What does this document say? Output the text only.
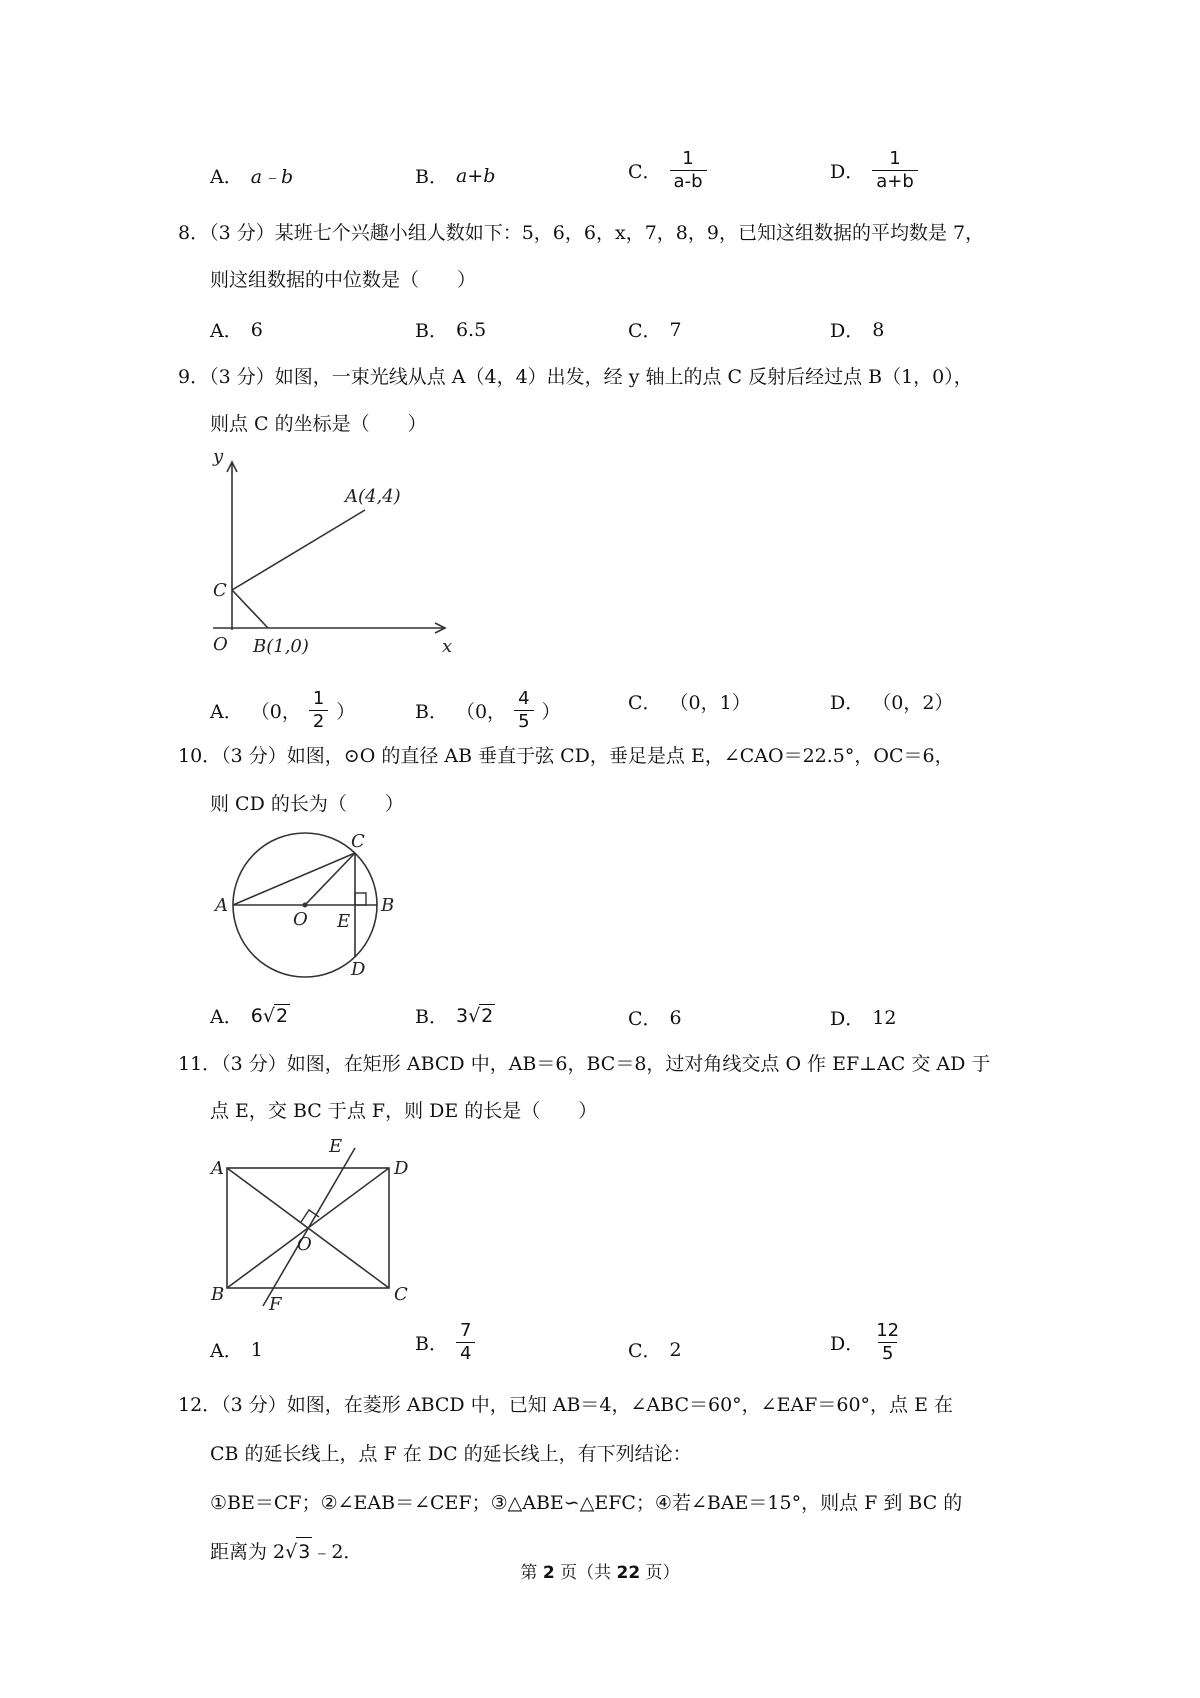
A． a﹣b	B． a+b	C． $\frac{1}{a-b}$	D． $\frac{1}{a+b}$
8．（3 分）某班七个兴趣小组人数如下：5，6，6，x，7，8，9，已知这组数据的平均数是 7，
则这组数据的中位数是（　　）
A． 6	B． 6.5	C． 7	D． 8
9．（3 分）如图，一束光线从点 A（4，4）出发，经 y 轴上的点 C 反射后经过点 B（1，0），
则点 C 的坐标是（　　）
y
x
A(4,4)
C
O B(1,0)
A． （0， $\frac{1}{2}$ ）	B． （0， $\frac{4}{5}$ ）	C． （0，1）	D． （0，2）
10．（3 分）如图，⊙O 的直径 AB 垂直于弦 CD，垂足是点 E，∠CAO＝22.5°，OC＝6，
则 CD 的长为（　　）
A	B
C
D
O E
A． 6 √ 2	B． 3 √ 2	C． 6	D． 12
11．（3 分）如图，在矩形 ABCD 中，AB＝6，BC＝8，过对角线交点 O 作 EF⊥AC 交 AD 于
点 E，交 BC 于点 F，则 DE 的长是（　　）
A	D
B	C
E
F
O
A． 1	B． $\frac{7}{4}$	C． 2	D． $\frac{12}{5}$
12．（3 分）如图，在菱形 ABCD 中，已知 AB＝4，∠ABC＝60°，∠EAF＝60°，点 E 在
CB 的延长线上，点 F 在 DC 的延长线上，有下列结论：
①BE＝CF；②∠EAB＝∠CEF；③△ABE∽△EFC；④若∠BAE＝15°，则点 F 到 BC 的
距离为 2 √ 3 ﹣2．
第 2 页（共 22 页）
